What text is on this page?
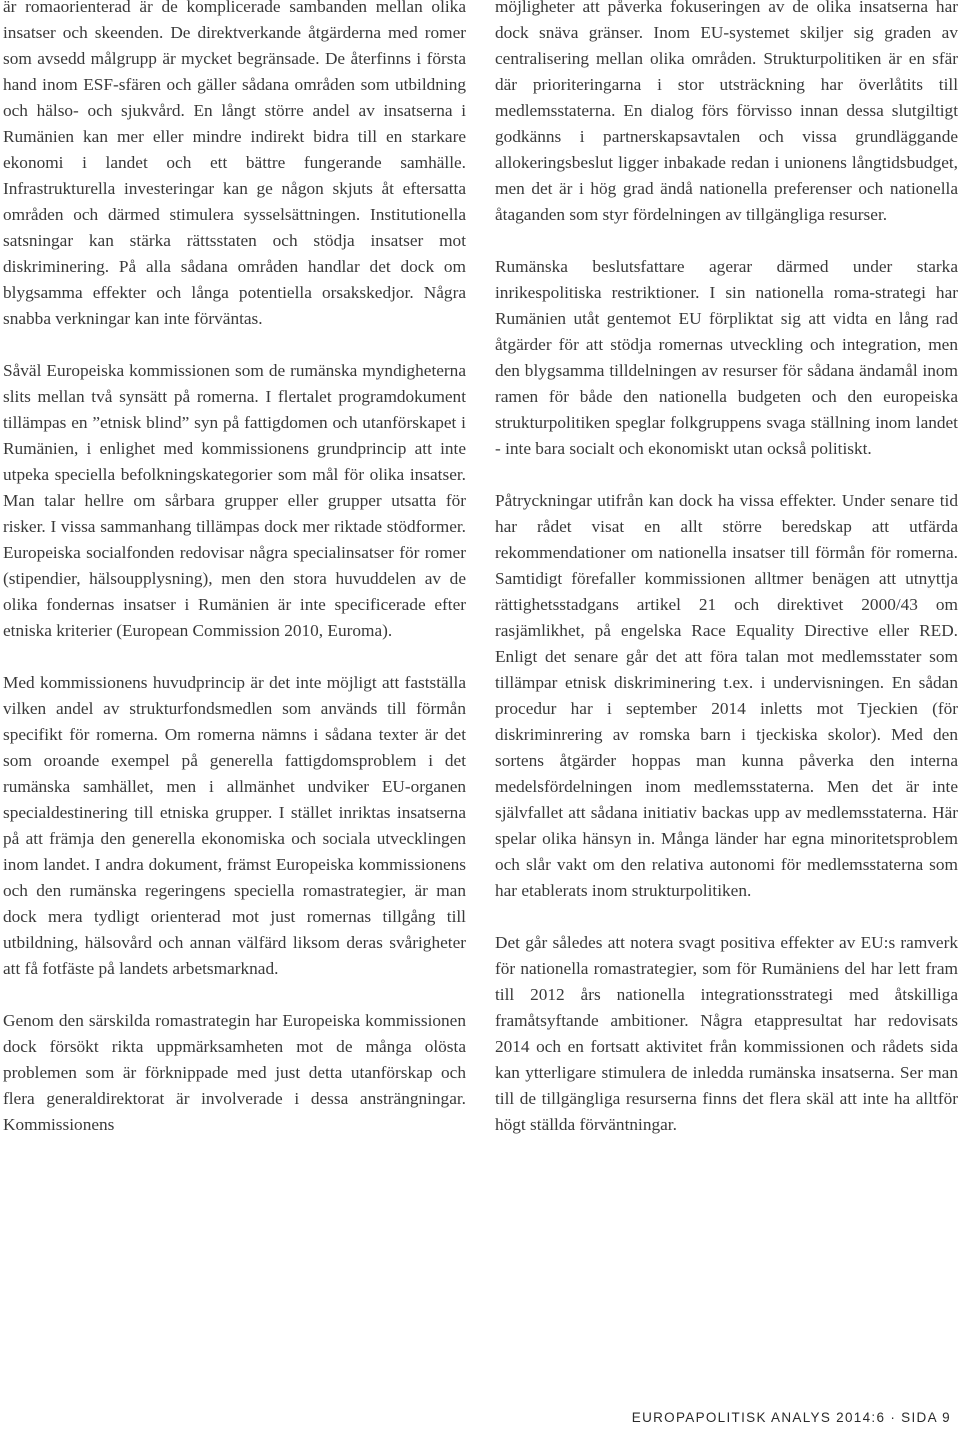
är romaorienterad är de komplicerade sambanden mellan olika insatser och skeenden. De direktverkande åtgärderna med romer som avsedd målgrupp är mycket begränsade. De återfinns i första hand inom ESF-sfären och gäller sådana områden som utbildning och hälso- och sjukvård. En långt större andel av insatserna i Rumänien kan mer eller mindre indirekt bidra till en starkare ekonomi i landet och ett bättre fungerande samhälle. Infrastrukturella investeringar kan ge någon skjuts åt eftersatta områden och därmed stimulera sysselsättningen. Institutionella satsningar kan stärka rättsstaten och stödja insatser mot diskriminering. På alla sådana områden handlar det dock om blygsamma effekter och långa potentiella orsakskedjor. Några snabba verkningar kan inte förväntas.

Såväl Europeiska kommissionen som de rumänska myndigheterna slits mellan två synsätt på romerna. I flertalet programdokument tillämpas en ”etnisk blind” syn på fattigdomen och utanförskapet i Rumänien, i enlighet med kommissionens grundprincip att inte utpeka speciella befolkningskategorier som mål för olika insatser. Man talar hellre om sårbara grupper eller grupper utsatta för risker. I vissa sammanhang tillämpas dock mer riktade stödformer. Europeiska socialfonden redovisar några specialinsatser för romer (stipendier, hälsoupplysning), men den stora huvuddelen av de olika fondernas insatser i Rumänien är inte specificerade efter etniska kriterier (European Commission 2010, Euroma).

Med kommissionens huvudprincip är det inte möjligt att fastställa vilken andel av strukturfondsmedlen som används till förmån specifikt för romerna. Om romerna nämns i sådana texter är det som oroande exempel på generella fattigdomsproblem i det rumänska samhället, men i allmänhet undviker EU-organen specialdestinering till etniska grupper. I stället inriktas insatserna på att främja den generella ekonomiska och sociala utvecklingen inom landet. I andra dokument, främst Europeiska kommissionens och den rumänska regeringens speciella romastrategier, är man dock mera tydligt orienterad mot just romernas tillgång till utbildning, hälsovård och annan välfärd liksom deras svårigheter att få fotfäste på landets arbetsmarknad.

Genom den särskilda romastrategin har Europeiska kommissionen dock försökt rikta uppmärksamheten mot de många olösta problemen som är förknippade med just detta utanförskap och flera generaldirektorat är involverade i dessa ansträngningar. Kommissionens

möjligheter att påverka fokuseringen av de olika insatserna har dock snäva gränser. Inom EU-systemet skiljer sig graden av centralisering mellan olika områden. Strukturpolitiken är en sfär där prioriteringarna i stor utsträckning har överlåtits till medlemsstaterna. En dialog förs förvisso innan dessa slutgiltigt godkänns i partnerskapsavtalen och vissa grundläggande allokeringsbeslut ligger inbakade redan i unionens långtidsbudget, men det är i hög grad ändå nationella preferenser och nationella åtaganden som styr fördelningen av tillgängliga resurser.

Rumänska beslutsfattare agerar därmed under starka inrikespolitiska restriktioner. I sin nationella roma-strategi har Rumänien utåt gentemot EU förpliktat sig att vidta en lång rad åtgärder för att stödja romernas utveckling och integration, men den blygsamma tilldelningen av resurser för sådana ändamål inom ramen för både den nationella budgeten och den europeiska strukturpolitiken speglar folkgruppens svaga ställning inom landet - inte bara socialt och ekonomiskt utan också politiskt.

Påtryckningar utifrån kan dock ha vissa effekter. Under senare tid har rådet visat en allt större beredskap att utfärda rekommendationer om nationella insatser till förmån för romerna. Samtidigt förefaller kommissionen alltmer benägen att utnyttja rättighetsstadgans artikel 21 och direktivet 2000/43 om rasjämlikhet, på engelska Race Equality Directive eller RED. Enligt det senare går det att föra talan mot medlemsstater som tillämpar etnisk diskriminering t.ex. i undervisningen. En sådan procedur har i september 2014 inletts mot Tjeckien (för diskriminrering av romska barn i tjeckiska skolor). Med den sortens åtgärder hoppas man kunna påverka den interna medelsfördelningen inom medlemsstaterna. Men det är inte självfallet att sådana initiativ backas upp av medlemsstaterna. Här spelar olika hänsyn in. Många länder har egna minoritetsproblem och slår vakt om den relativa autonomi för medlemsstaterna som har etablerats inom strukturpolitiken.

Det går således att notera svagt positiva effekter av EU:s ramverk för nationella romastrategier, som för Rumäniens del har lett fram till 2012 års nationella integrationsstrategi med åtskilliga framåtsyftande ambitioner. Några etappresultat har redovisats 2014 och en fortsatt aktivitet från kommissionen och rådets sida kan ytterligare stimulera de inledda rumänska insatserna. Ser man till de tillgängliga resurserna finns det flera skäl att inte ha alltför högt ställda förväntningar.

EUROPAPOLITISK ANALYS 2014:6 · SIDA 9
